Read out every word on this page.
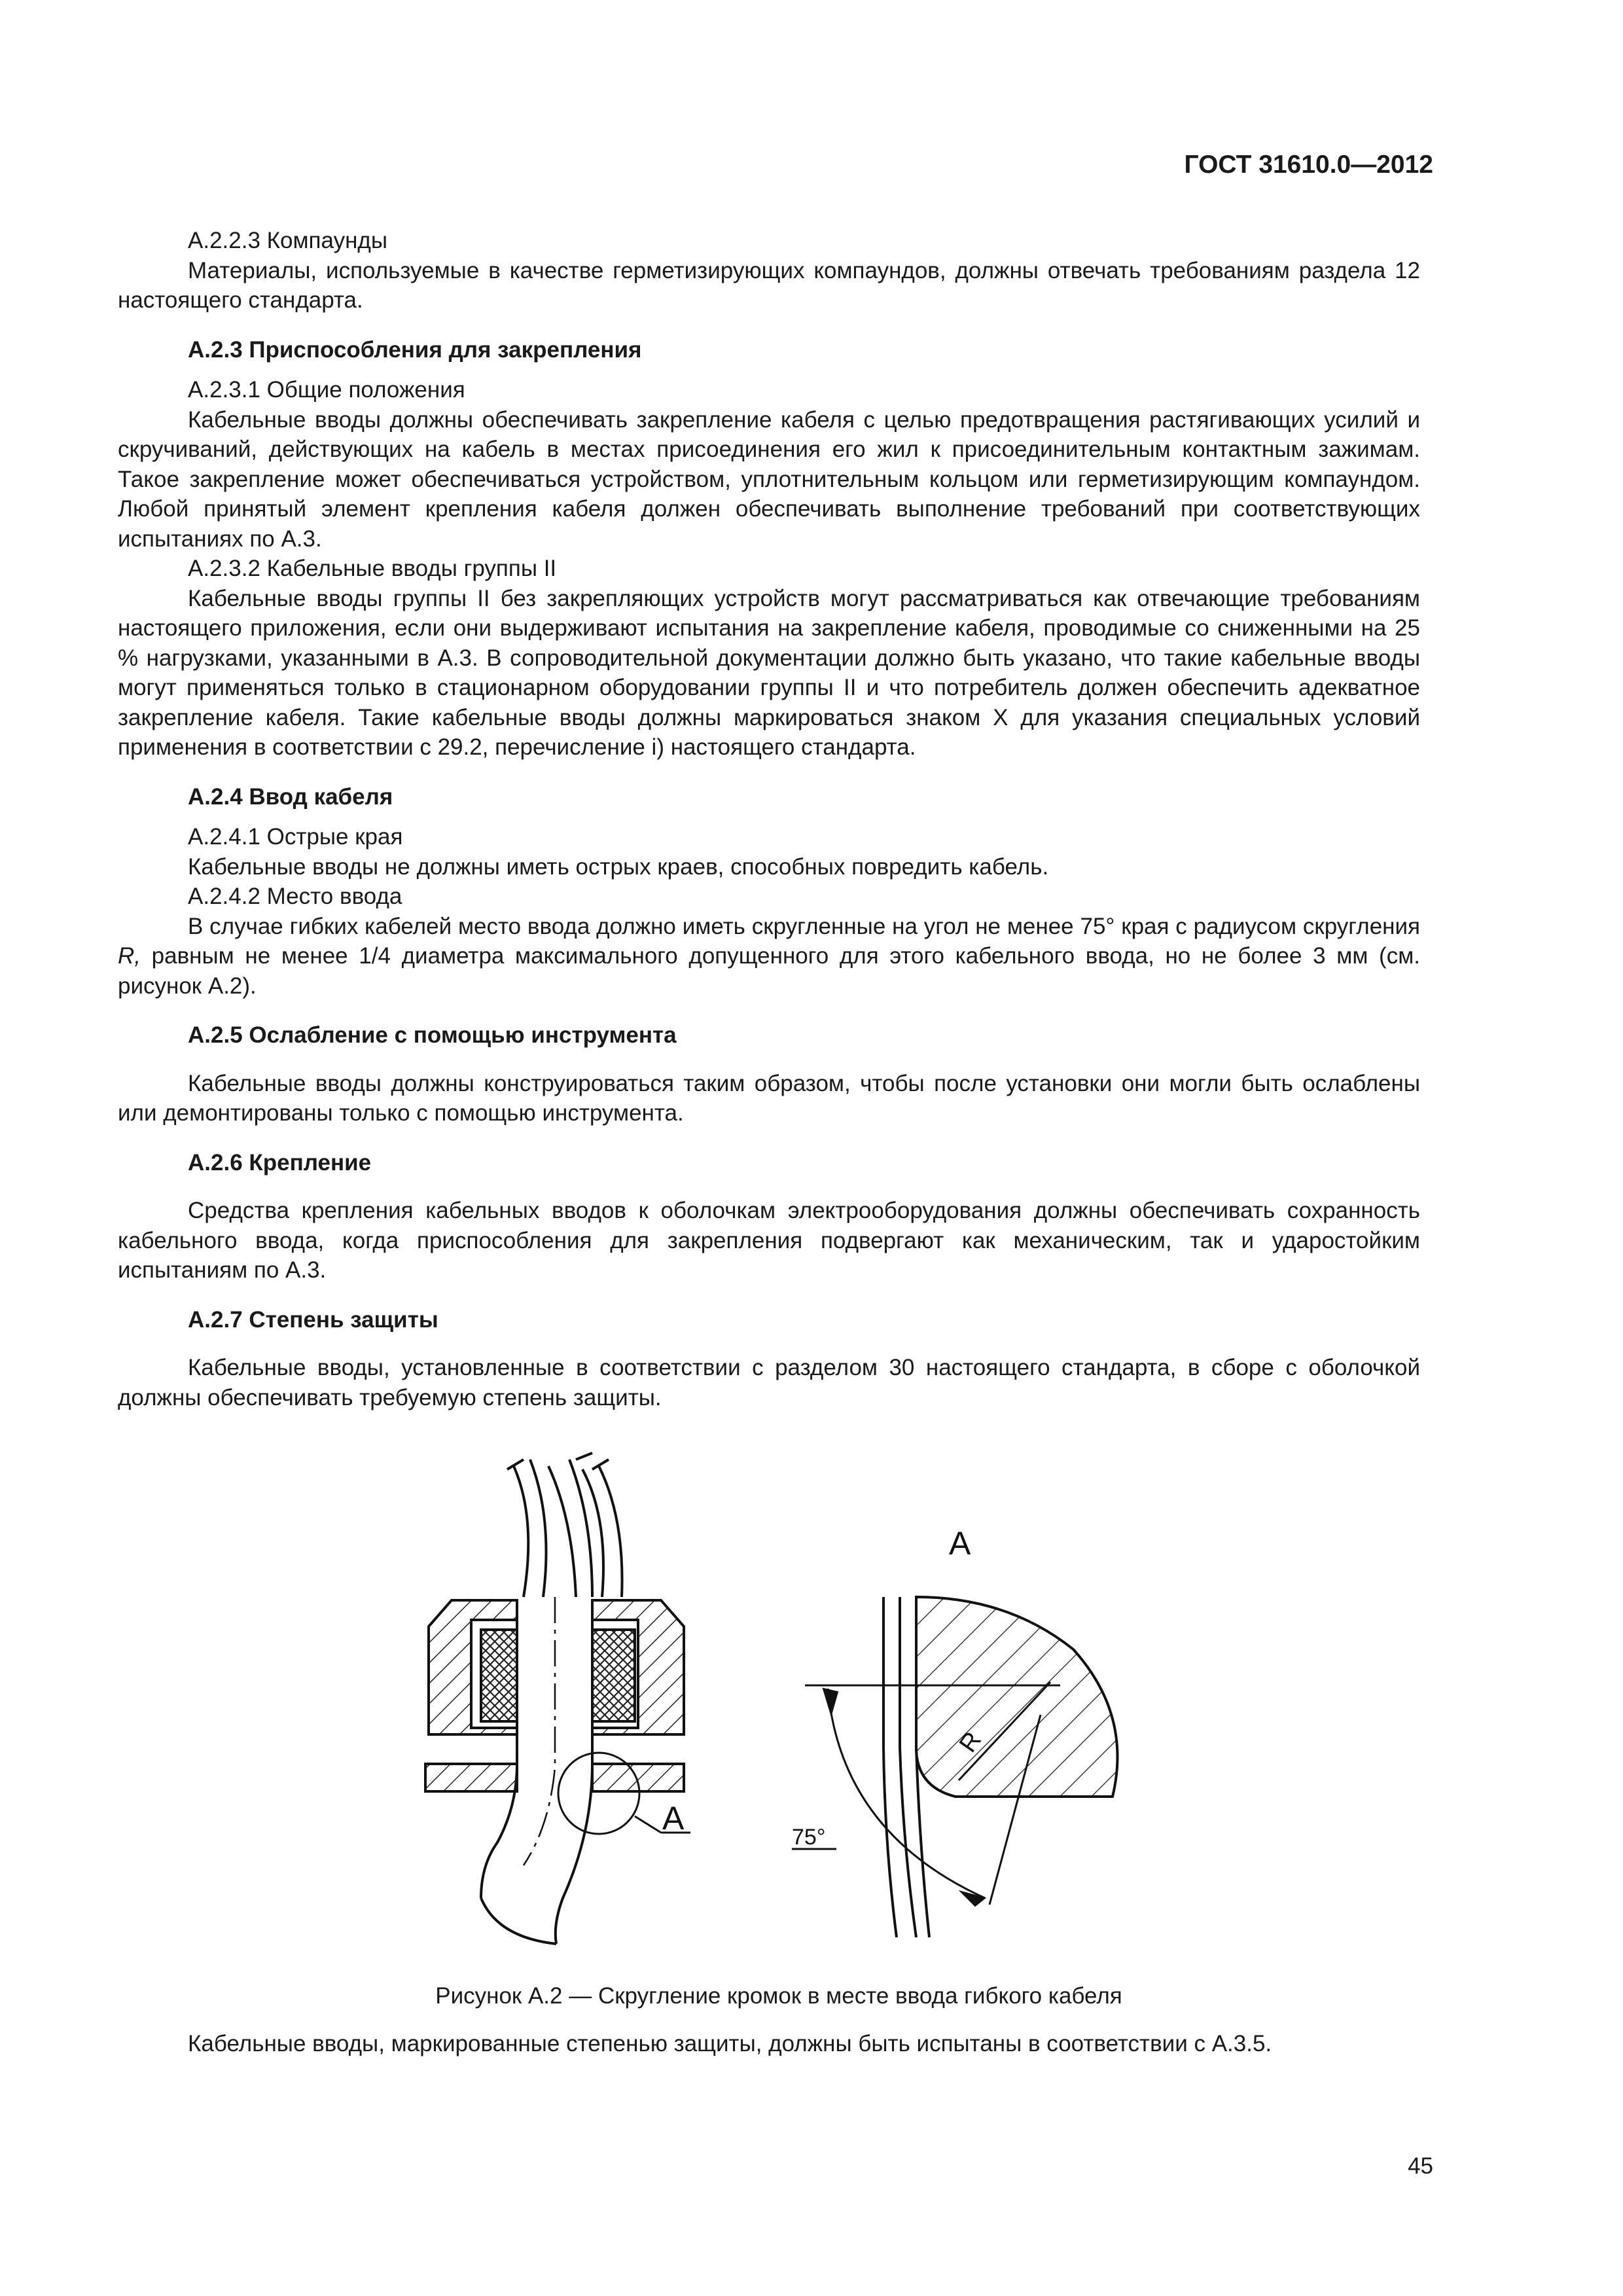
ГОСТ 31610.0—2012

А.2.2.3 Компаунды

Материалы, используемые в качестве герметизирующих компаундов, должны отвечать требованиям раздела 12 настоящего стандарта.

А.2.3 Приспособления для закрепления

А.2.3.1 Общие положения

Кабельные вводы должны обеспечивать закрепление кабеля с целью предотвращения растягивающих усилий и скручиваний, действующих на кабель в местах присоединения его жил к присоединительным контактным зажимам. Такое закрепление может обеспечиваться устройством, уплотнительным кольцом или герметизирующим компаундом. Любой принятый элемент крепления кабеля должен обеспечивать выполнение требований при соответствующих испытаниях по А.3.

А.2.3.2 Кабельные вводы группы II

Кабельные вводы группы II без закрепляющих устройств могут рассматриваться как отвечающие требованиям настоящего приложения, если они выдерживают испытания на закрепление кабеля, проводимые со сниженными на 25 % нагрузками, указанными в А.3. В сопроводительной документации должно быть указано, что такие кабельные вводы могут применяться только в стационарном оборудовании группы II и что потребитель должен обеспечить адекватное закрепление кабеля. Такие кабельные вводы должны маркироваться знаком Х для указания специальных условий применения в соответствии с 29.2, перечисление i) настоящего стандарта.

А.2.4 Ввод кабеля

А.2.4.1 Острые края

Кабельные вводы не должны иметь острых краев, способных повредить кабель.

А.2.4.2 Место ввода

В случае гибких кабелей место ввода должно иметь скругленные на угол не менее 75° края с радиусом скругления R, равным не менее 1/4 диаметра максимального допущенного для этого кабельного ввода, но не более 3 мм (см. рисунок А.2).

А.2.5 Ослабление с помощью инструмента

Кабельные вводы должны конструироваться таким образом, чтобы после установки они могли быть ослаблены или демонтированы только с помощью инструмента.

А.2.6 Крепление

Средства крепления кабельных вводов к оболочкам электрооборудования должны обеспечивать сохранность кабельного ввода, когда приспособления для закрепления подвергают как механическим, так и ударостойким испытаниям по А.3.

А.2.7 Степень защиты

Кабельные вводы, установленные в соответствии с разделом 30 настоящего стандарта, в сборе с оболочкой должны обеспечивать требуемую степень защиты.

А
А
R
75°

Рисунок А.2 — Скругление кромок в месте ввода гибкого кабеля

Кабельные вводы, маркированные степенью защиты, должны быть испытаны в соответствии с А.3.5.

45
